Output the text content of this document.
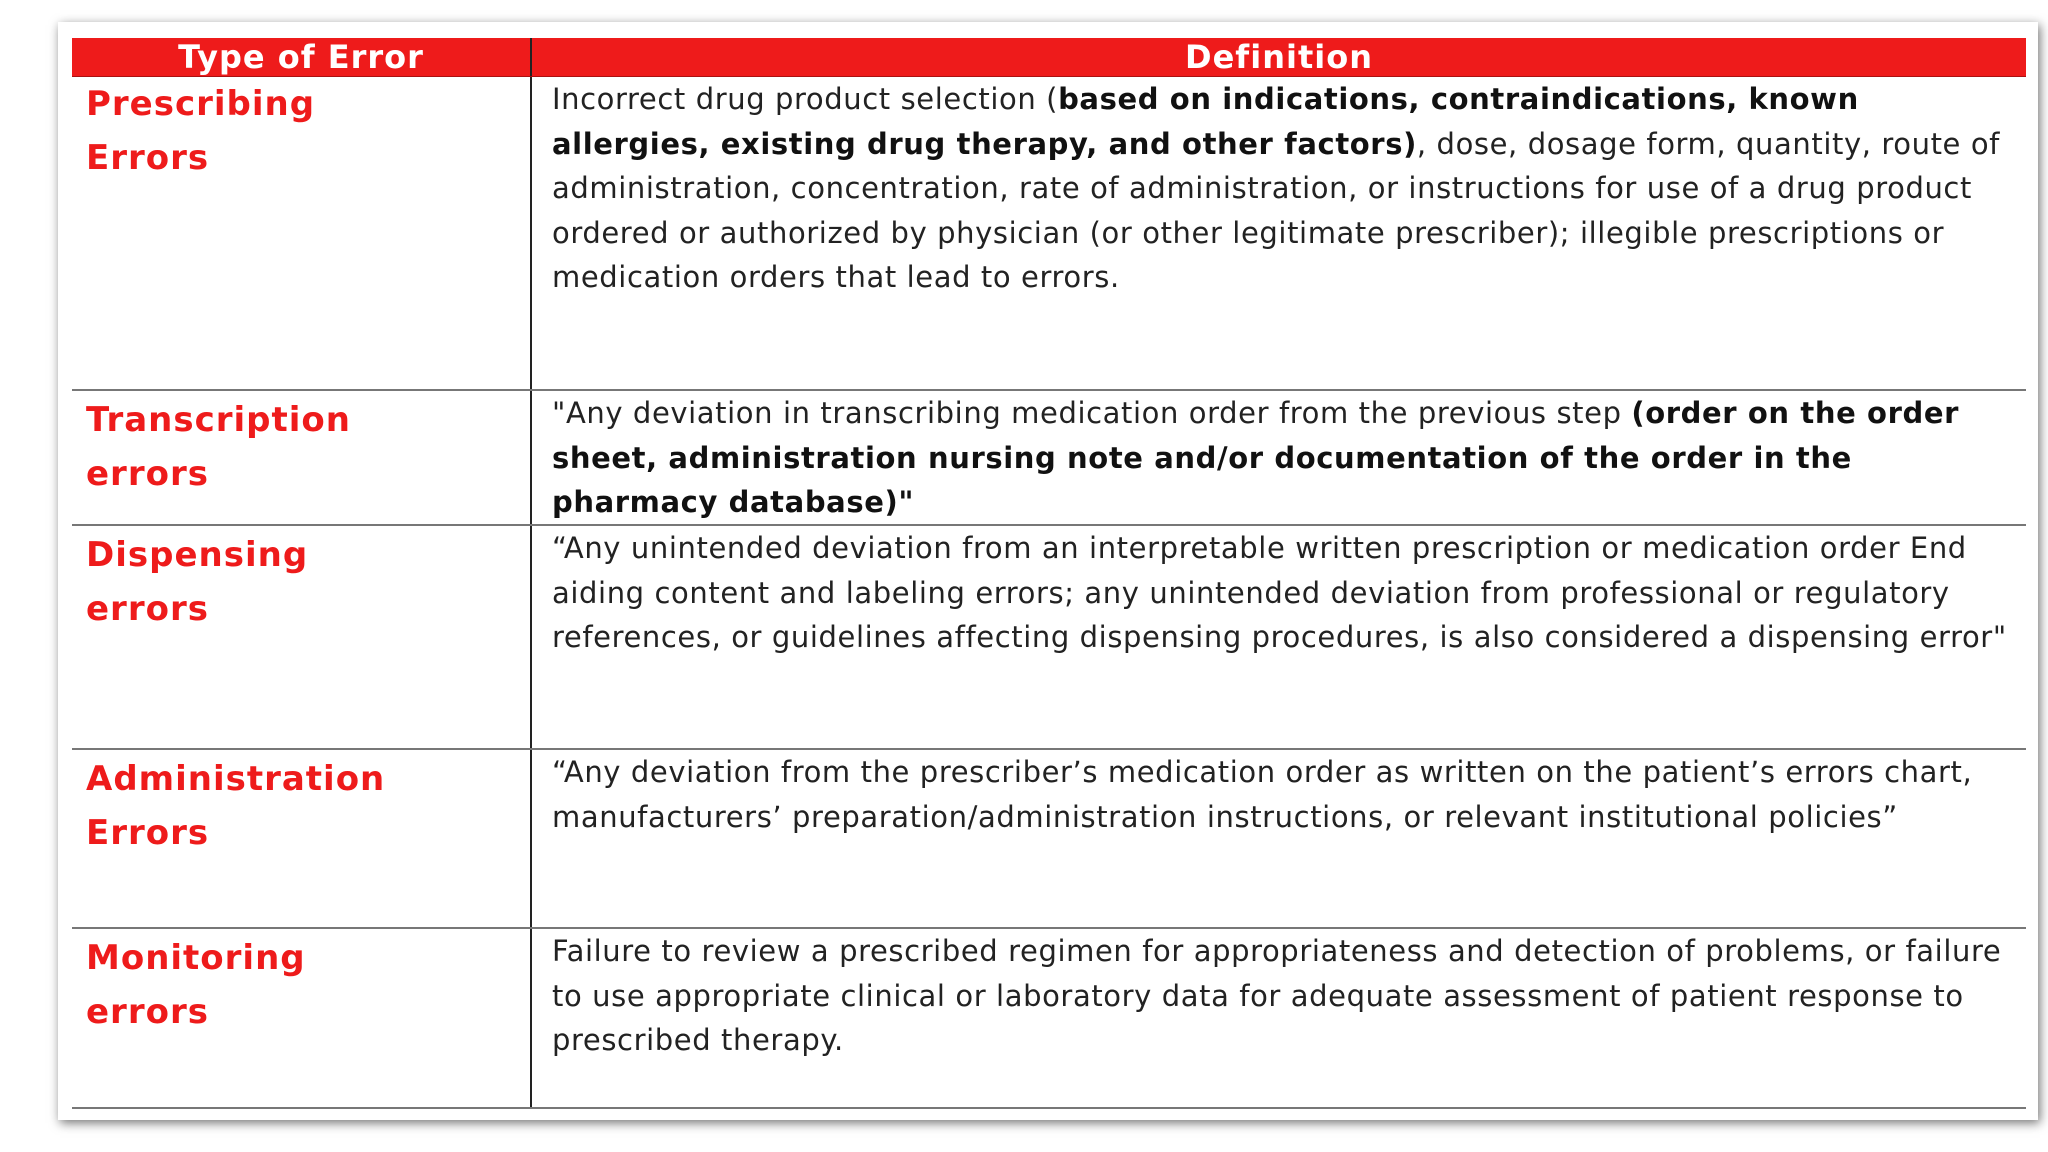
Type of Error	Definition
Prescribing
Errors
Incorrect drug product selection (based on indications, contraindications, known allergies, existing drug therapy, and other factors), dose, dosage form, quantity, route of administration, concentration, rate of administration, or instructions for use of a drug product ordered or authorized by physician (or other legitimate prescriber); illegible prescriptions or medication orders that lead to errors.
Transcription
errors
"Any deviation in transcribing medication order from the previous step (order on the order sheet, administration nursing note and/or documentation of the order in the pharmacy database)"
Dispensing
errors
“Any unintended deviation from an interpretable written prescription or medication order End aiding content and labeling errors; any unintended deviation from professional or regulatory references, or guidelines affecting dispensing procedures, is also considered a dispensing error"
Administration
Errors
“Any deviation from the prescriber’s medication order as written on the patient’s errors chart, manufacturers’ preparation/administration instructions, or relevant institutional policies”
Monitoring
errors
Failure to review a prescribed regimen for appropriateness and detection of problems, or failure to use appropriate clinical or laboratory data for adequate assessment of patient response to prescribed therapy.
